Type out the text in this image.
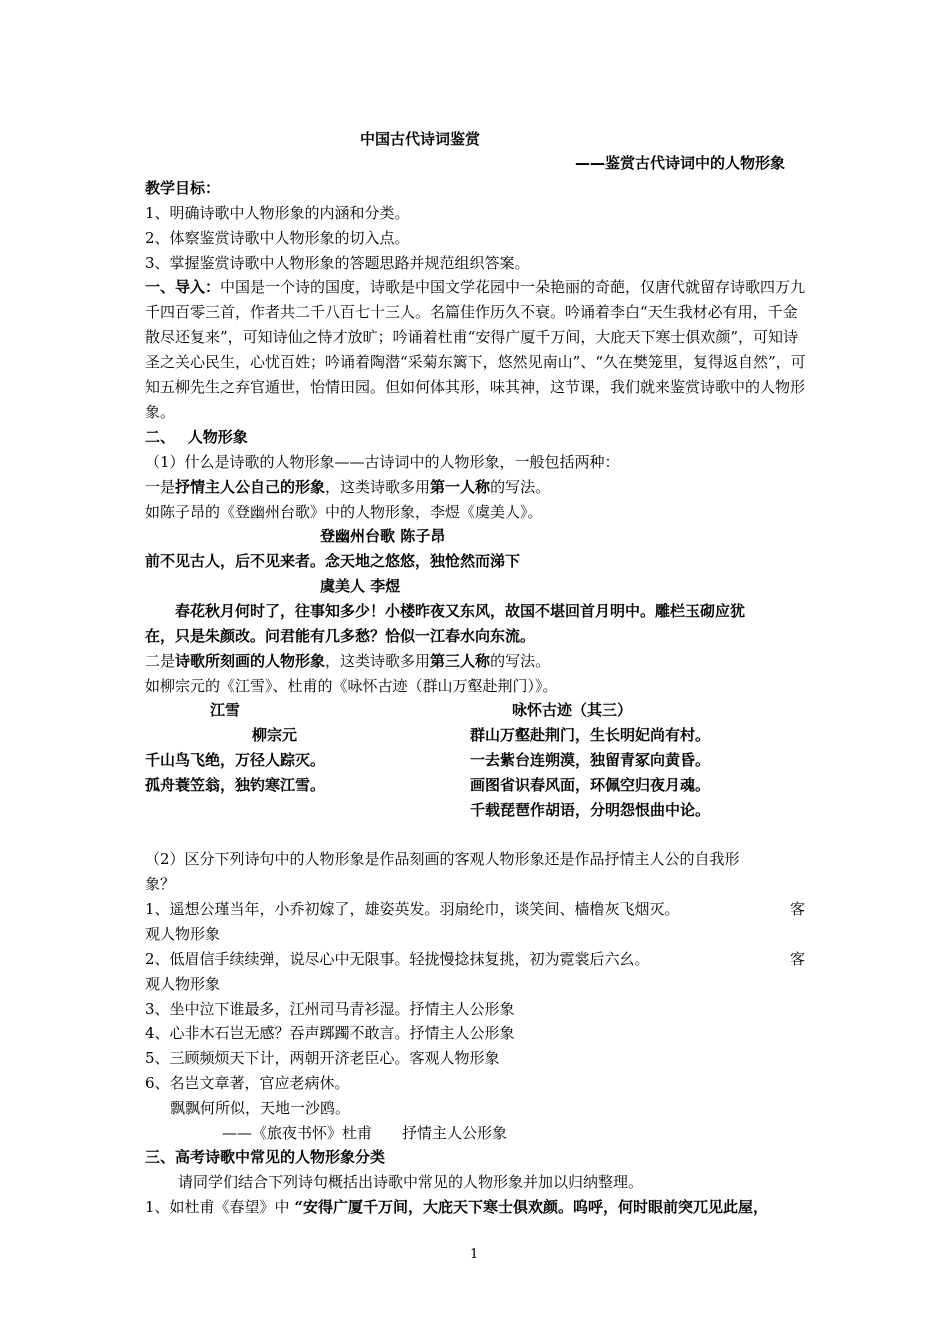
中国古代诗词鉴赏
——鉴赏古代诗词中的人物形象
教学目标：
1、明确诗歌中人物形象的内涵和分类。
2、体察鉴赏诗歌中人物形象的切入点。
3、掌握鉴赏诗歌中人物形象的答题思路并规范组织答案。
一、导入：中国是一个诗的国度，诗歌是中国文学花园中一朵艳丽的奇葩，仅唐代就留存诗歌四万九千四百零三首，作者共二千八百七十三人。名篇佳作历久不衰。吟诵着李白“天生我材必有用，千金散尽还复来”，可知诗仙之恃才放旷；吟诵着杜甫“安得广厦千万间，大庇天下寒士俱欢颜”，可知诗圣之关心民生，心忧百姓；吟诵着陶潜“采菊东篱下，悠然见南山”、“久在樊笼里，复得返自然”，可知五柳先生之弃官遁世，怡情田园。但如何体其形，味其神，这节课，我们就来鉴赏诗歌中的人物形象。
二、　 人物形象
（1）什么是诗歌的人物形象——古诗词中的人物形象，一般包括两种：
一是抒情主人公自己的形象，这类诗歌多用第一人称的写法。
如陈子昂的《登幽州台歌》中的人物形象，李煜《虞美人》。
登幽州台歌 陈子昂
前不见古人，后不见来者。念天地之悠悠，独怆然而涕下
虞美人 李煜
春花秋月何时了，往事知多少！小楼昨夜又东风，故国不堪回首月明中。雕栏玉砌应犹
在，只是朱颜改。问君能有几多愁？恰似一江春水向东流。
二是诗歌所刻画的人物形象，这类诗歌多用第三人称的写法。
如柳宗元的《江雪》、杜甫的《咏怀古迹（群山万壑赴荆门）》。
江雪
柳宗元
千山鸟飞绝，万径人踪灭。
孤舟蓑笠翁，独钓寒江雪。
咏怀古迹（其三）
群山万壑赴荆门，生长明妃尚有村。
一去紫台连朔漠，独留青冢向黄昏。
画图省识春风面，环佩空归夜月魂。
千载琵琶作胡语，分明怨恨曲中论。
（2）区分下列诗句中的人物形象是作品刻画的客观人物形象还是作品抒情主人公的自我形
象？
1、遥想公瑾当年，小乔初嫁了，雄姿英发。羽扇纶巾，谈笑间、樯橹灰飞烟灭。	客
观人物形象
2、低眉信手续续弹，说尽心中无限事。轻拢慢捻抹复挑，初为霓裳后六幺。	客
观人物形象
3、坐中泣下谁最多，江州司马青衫湿。抒情主人公形象
4、心非木石岂无感？吞声踯躅不敢言。抒情主人公形象
5、三顾频烦天下计，两朝开济老臣心。客观人物形象
6、名岂文章著，官应老病休。
飘飘何所似，天地一沙鸥。
——《旅夜书怀》杜甫　　抒情主人公形象
三、高考诗歌中常见的人物形象分类
请同学们结合下列诗句概括出诗歌中常见的人物形象并加以归纳整理。
1、如杜甫《春望》中 “安得广厦千万间，大庇天下寒士俱欢颜。呜呼，何时眼前突兀见此屋，
1
